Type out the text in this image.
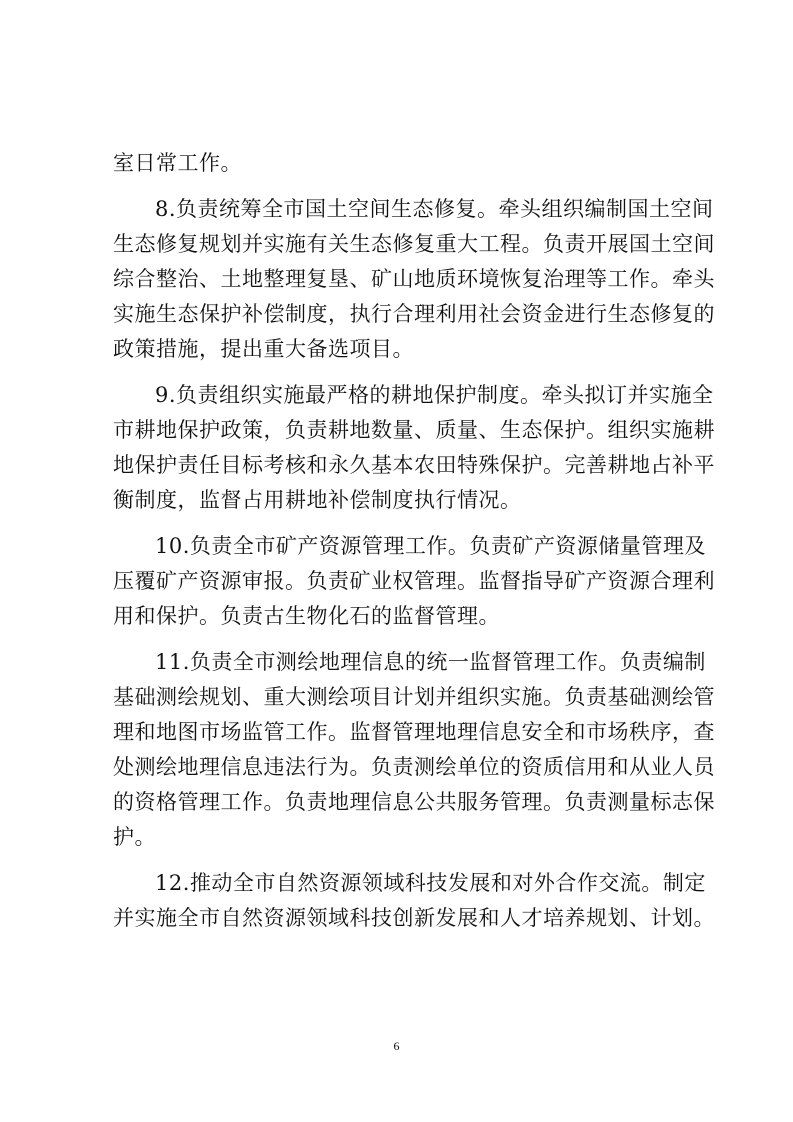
室日常工作。
8.负责统筹全市国土空间生态修复。牵头组织编制国土空间
生态修复规划并实施有关生态修复重大工程。负责开展国土空间
综合整治、土地整理复垦、矿山地质环境恢复治理等工作。牵头
实施生态保护补偿制度，执行合理利用社会资金进行生态修复的
政策措施，提出重大备选项目。
9.负责组织实施最严格的耕地保护制度。牵头拟订并实施全
市耕地保护政策，负责耕地数量、质量、生态保护。组织实施耕
地保护责任目标考核和永久基本农田特殊保护。完善耕地占补平
衡制度，监督占用耕地补偿制度执行情况。
10.负责全市矿产资源管理工作。负责矿产资源储量管理及
压覆矿产资源审报。负责矿业权管理。监督指导矿产资源合理利
用和保护。负责古生物化石的监督管理。
11.负责全市测绘地理信息的统一监督管理工作。负责编制
基础测绘规划、重大测绘项目计划并组织实施。负责基础测绘管
理和地图市场监管工作。监督管理地理信息安全和市场秩序，查
处测绘地理信息违法行为。负责测绘单位的资质信用和从业人员
的资格管理工作。负责地理信息公共服务管理。负责测量标志保
护。
12.推动全市自然资源领域科技发展和对外合作交流。制定
并实施全市自然资源领域科技创新发展和人才培养规划、计划。
6
